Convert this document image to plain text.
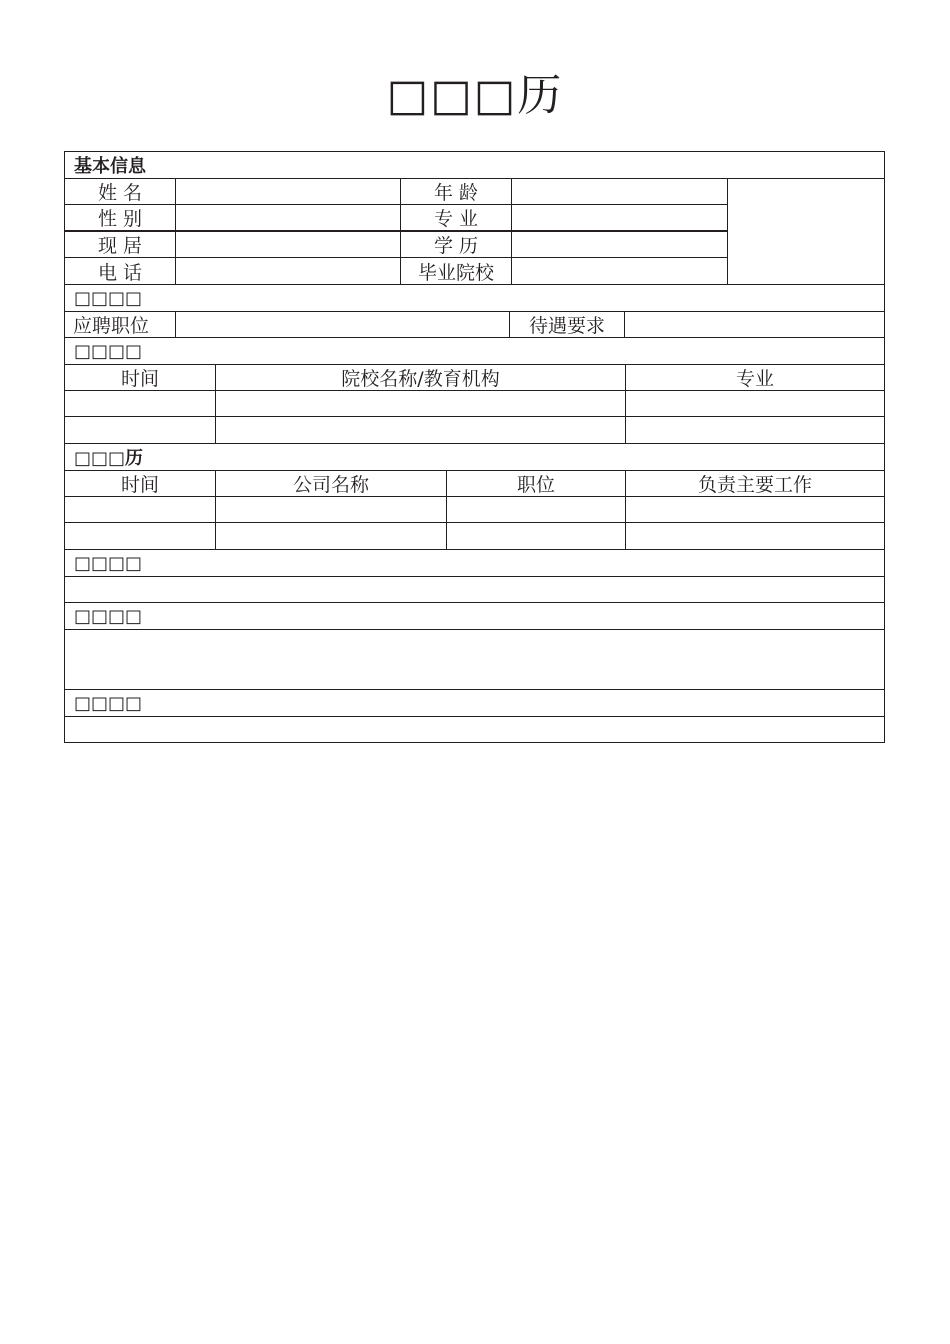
□□□历
基本信息
姓 名	年 龄
性 别	专 业
现 居	学 历
电 话	毕业院校
□□□□
应聘职位	待遇要求
□□□□
时间	院校名称/教育机构	专业
□□□历
时间	公司名称	职位	负责主要工作
□□□□
□□□□
□□□□
